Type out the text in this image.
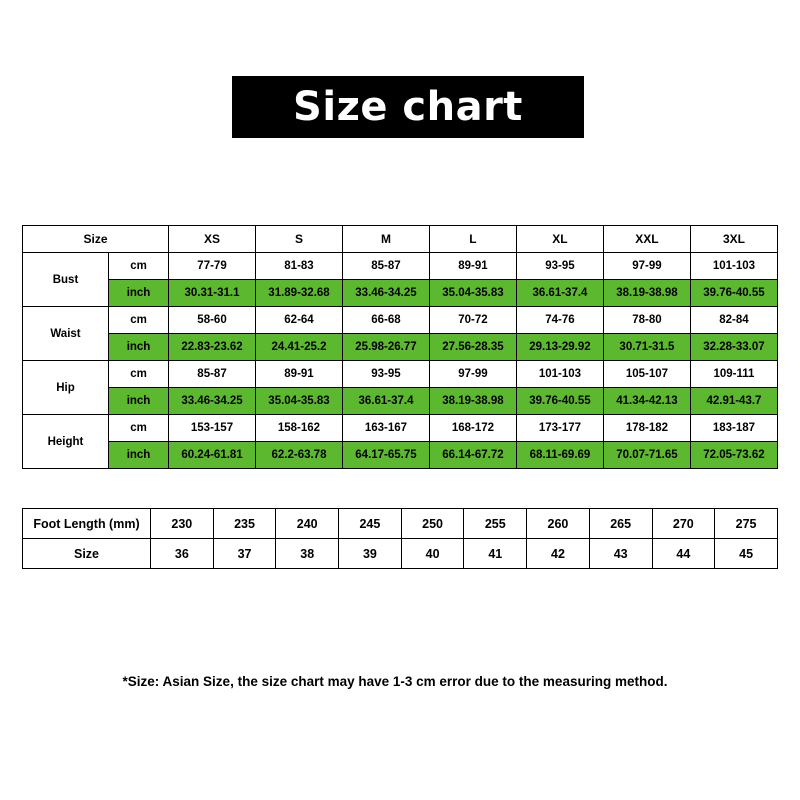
Size chart
Size		XS	S	M	L	XL	XXL	3XL
Bust	cm	77-79	81-83	85-87	89-91	93-95	97-99	101-103
	inch	30.31-31.1	31.89-32.68	33.46-34.25	35.04-35.83	36.61-37.4	38.19-38.98	39.76-40.55
Waist	cm	58-60	62-64	66-68	70-72	74-76	78-80	82-84
	inch	22.83-23.62	24.41-25.2	25.98-26.77	27.56-28.35	29.13-29.92	30.71-31.5	32.28-33.07
Hip	cm	85-87	89-91	93-95	97-99	101-103	105-107	109-111
	inch	33.46-34.25	35.04-35.83	36.61-37.4	38.19-38.98	39.76-40.55	41.34-42.13	42.91-43.7
Height	cm	153-157	158-162	163-167	168-172	173-177	178-182	183-187
	inch	60.24-61.81	62.2-63.78	64.17-65.75	66.14-67.72	68.11-69.69	70.07-71.65	72.05-73.62
Foot Length (mm)	230	235	240	245	250	255	260	265	270	275
Size	36	37	38	39	40	41	42	43	44	45
*Size: Asian Size, the size chart may have 1-3 cm error due to the measuring method.
